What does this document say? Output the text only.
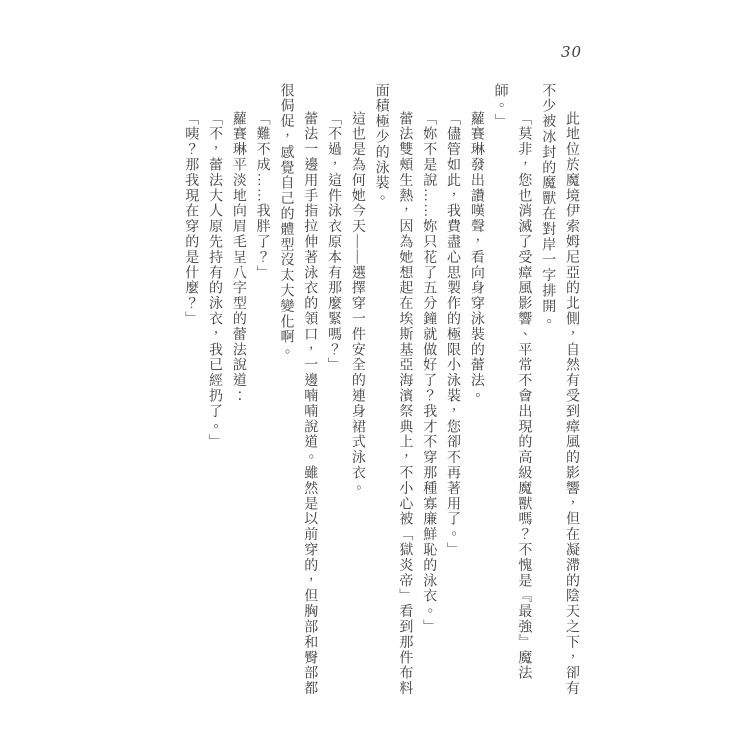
30

此地位於魔境伊索姆尼亞的北側，自然有受到瘴風的影響，但在凝滯的陰天之下，卻有不少被冰封的魔獸在對岸一字排開。

「莫非，您也消滅了受瘴風影響、平常不會出現的高級魔獸嗎？不愧是『最強』魔法師。」

蘿賽琳發出讚嘆聲，看向身穿泳裝的蕾法。

「儘管如此，我費盡心思製作的極限小泳裝，您卻不再著用了。」

「妳不是說……妳只花了五分鐘就做好了？我才不穿那種寡廉鮮恥的泳衣。」

蕾法雙頰生熱，因為她想起在埃斯基亞海濱祭典上，不小心被「獄炎帝」看到那件布料面積極少的泳裝。

這也是為何她今天——選擇穿一件安全的連身裙式泳衣。

「不過，這件泳衣原本有那麼緊嗎？」

蕾法一邊用手指拉伸著泳衣的領口，一邊喃喃說道。雖然是以前穿的，但胸部和臀部都很侷促，感覺自己的體型沒太大變化啊。

「難不成……我胖了？」

蘿賽琳平淡地向眉毛呈八字型的蕾法說道：

「不，蕾法大人原先持有的泳衣，我已經扔了。」

「咦？那我現在穿的是什麼？」
